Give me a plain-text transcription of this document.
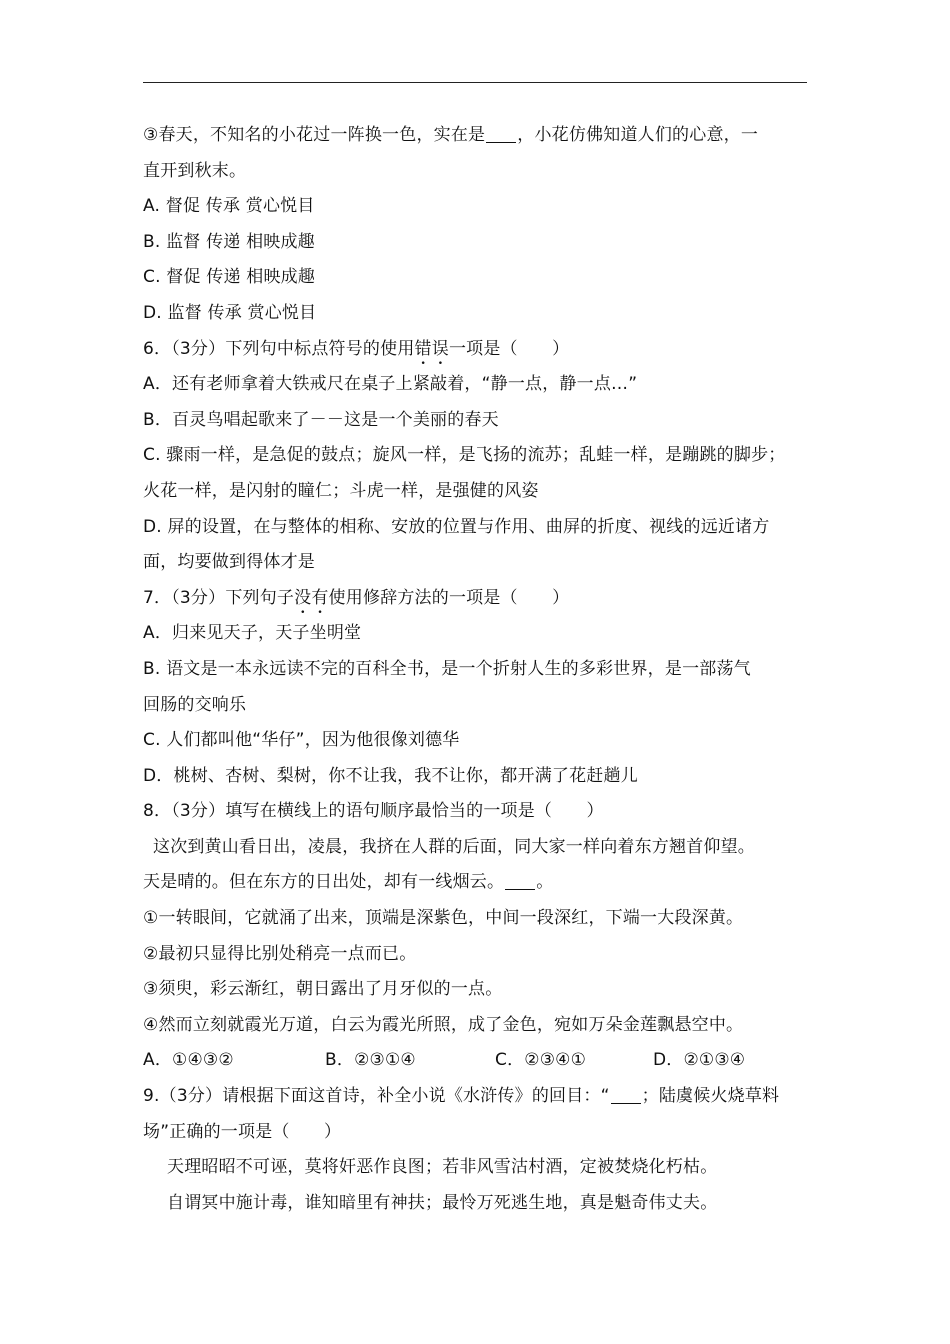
③春天，不知名的小花过一阵换一色，实在是 ，小花仿佛知道人们的心意，一
直开到秋末。
A. 督促 传承 赏心悦目
B. 监督 传递 相映成趣
C. 督促 传递 相映成趣
D. 监督 传承 赏心悦目
6．（3分）下列句中标点符号的使用错误一项是（　　）
A．还有老师拿着大铁戒尺在桌子上紧敲着，“静一点，静一点…”
B．百灵鸟唱起歌来了－－这是一个美丽的春天
C. 骤雨一样，是急促的鼓点；旋风一样，是飞扬的流苏；乱蛙一样，是蹦跳的脚步；
火花一样，是闪射的瞳仁；斗虎一样，是强健的风姿
D. 屏的设置，在与整体的相称、安放的位置与作用、曲屏的折度、视线的远近诸方
面，均要做到得体才是
7．（3分）下列句子没有使用修辞方法的一项是（　　）
A．归来见天子，天子坐明堂
B. 语文是一本永远读不完的百科全书，是一个折射人生的多彩世界，是一部荡气
回肠的交响乐
C. 人们都叫他“华仔”，因为他很像刘德华
D．桃树、杏树、梨树，你不让我，我不让你，都开满了花赶趟儿
8．（3分）填写在横线上的语句顺序最恰当的一项是（　　）
这次到黄山看日出，凌晨，我挤在人群的后面，同大家一样向着东方翘首仰望。
天是晴的。但在东方的日出处，却有一线烟云。 。
①一转眼间，它就涌了出来，顶端是深紫色，中间一段深红，下端一大段深黄。
②最初只显得比别处稍亮一点而已。
③须臾，彩云渐红，朝日露出了月牙似的一点。
④然而立刻就霞光万道，白云为霞光所照，成了金色，宛如万朵金莲飘悬空中。
A．①④③②	B．②③①④	C．②③④①	D．②①③④
9.（3分）请根据下面这首诗，补全小说《水浒传》的回目：“ ；陆虞候火烧草料
场”正确的一项是（　　）
天理昭昭不可诬，莫将奸恶作良图；若非风雪沽村酒，定被焚烧化朽枯。
自谓冥中施计毒，谁知暗里有神扶；最怜万死逃生地，真是魁奇伟丈夫。
